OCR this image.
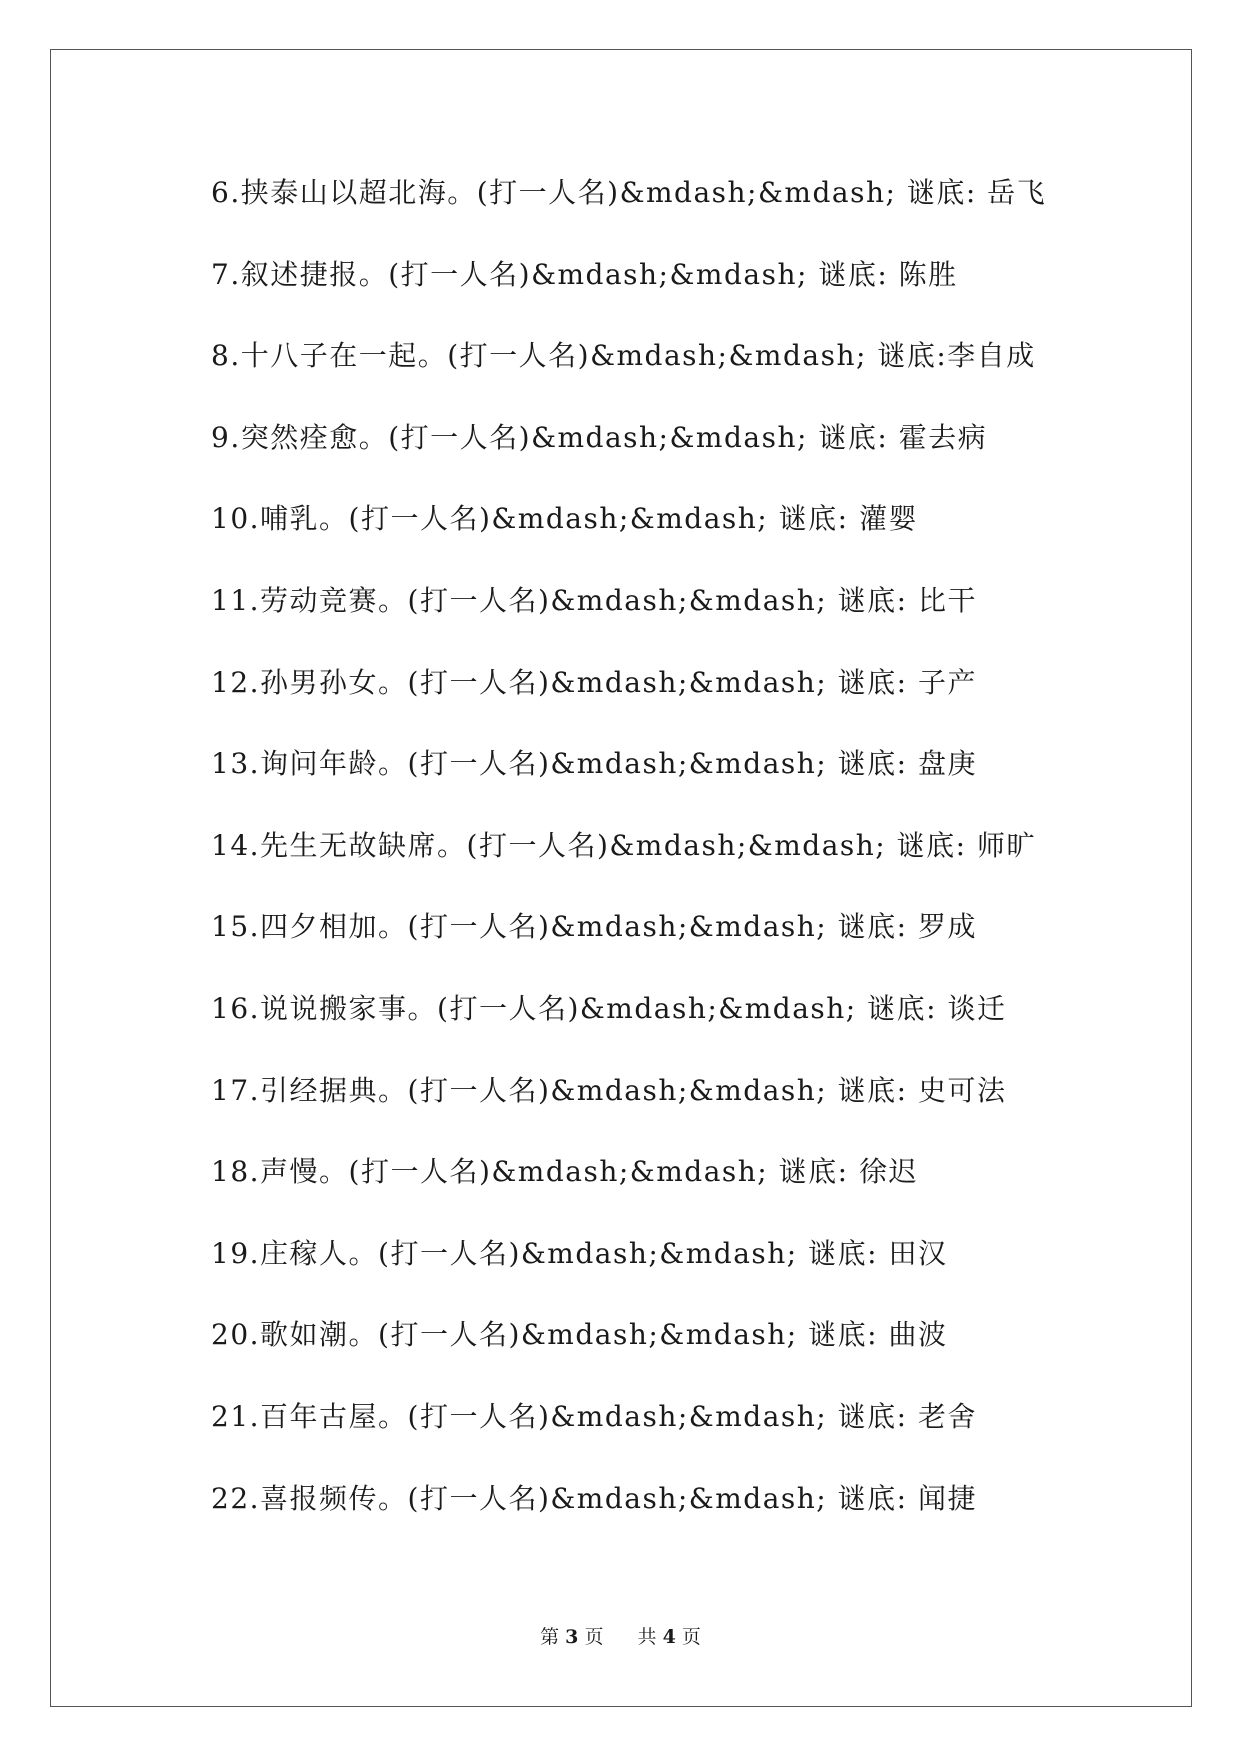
6.挟泰山以超北海。(打一人名)&mdash;&mdash; 谜底: 岳飞
7.叙述捷报。(打一人名)&mdash;&mdash; 谜底: 陈胜
8.十八子在一起。(打一人名)&mdash;&mdash; 谜底:李自成
9.突然痊愈。(打一人名)&mdash;&mdash; 谜底: 霍去病
10.哺乳。(打一人名)&mdash;&mdash; 谜底: 灌婴
11.劳动竞赛。(打一人名)&mdash;&mdash; 谜底: 比干
12.孙男孙女。(打一人名)&mdash;&mdash; 谜底: 子产
13.询问年龄。(打一人名)&mdash;&mdash; 谜底: 盘庚
14.先生无故缺席。(打一人名)&mdash;&mdash; 谜底: 师旷
15.四夕相加。(打一人名)&mdash;&mdash; 谜底: 罗成
16.说说搬家事。(打一人名)&mdash;&mdash; 谜底: 谈迁
17.引经据典。(打一人名)&mdash;&mdash; 谜底: 史可法
18.声慢。(打一人名)&mdash;&mdash; 谜底: 徐迟
19.庄稼人。(打一人名)&mdash;&mdash; 谜底: 田汉
20.歌如潮。(打一人名)&mdash;&mdash; 谜底: 曲波
21.百年古屋。(打一人名)&mdash;&mdash; 谜底: 老舍
22.喜报频传。(打一人名)&mdash;&mdash; 谜底: 闻捷
第 3 页 共 4 页
